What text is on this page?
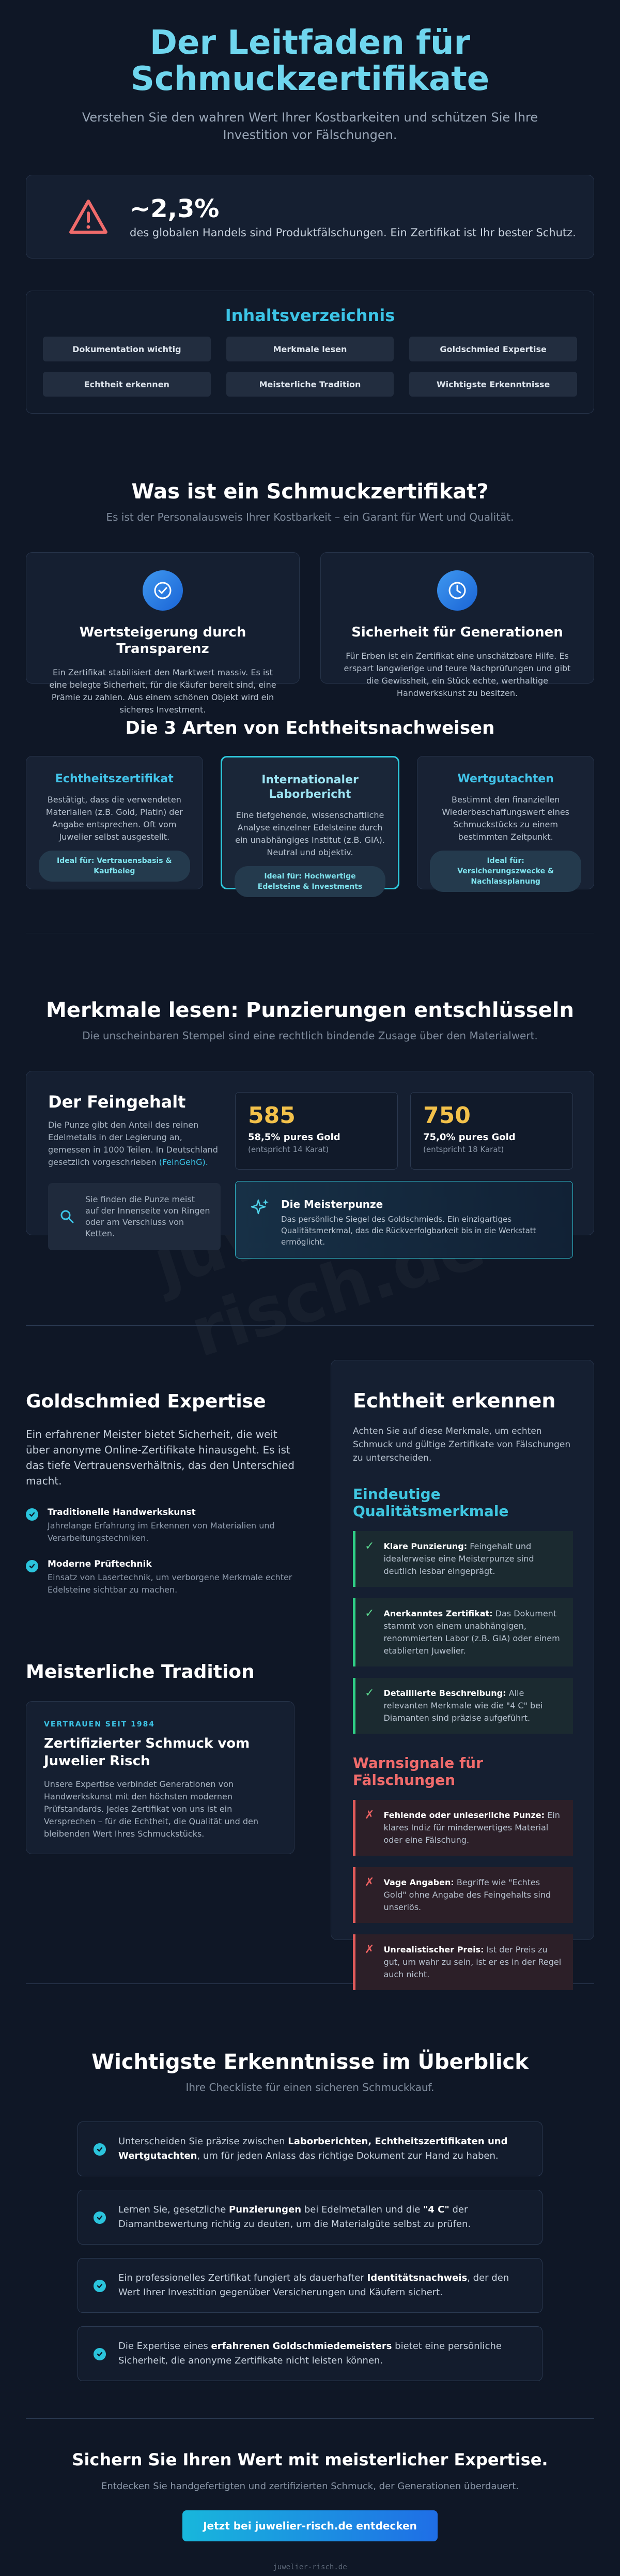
Der Leitfaden für
Schmuckzertifikate

Verstehen Sie den wahren Wert Ihrer Kostbarkeiten und schützen Sie Ihre Investition vor Fälschungen.

~2,3%
des globalen Handels sind Produktfälschungen. Ein Zertifikat ist Ihr bester Schutz.
Inhaltsverzeichnis
Dokumentation wichtig	Merkmale lesen	Goldschmied Expertise
Echtheit erkennen	Meisterliche Tradition	Wichtigste Erkenntnisse
Was ist ein Schmuckzertifikat?

Es ist der Personalausweis Ihrer Kostbarkeit – ein Garant für Wert und Qualität.

Wertsteigerung durch Transparenz

Ein Zertifikat stabilisiert den Marktwert massiv. Es ist eine belegte Sicherheit, für die Käufer bereit sind, eine Prämie zu zahlen. Aus einem schönen Objekt wird ein sicheres Investment.

Sicherheit für Generationen

Für Erben ist ein Zertifikat eine unschätzbare Hilfe. Es erspart langwierige und teure Nachprüfungen und gibt die Gewissheit, ein Stück echte, werthaltige Handwerkskunst zu besitzen.

Die 3 Arten von Echtheitsnachweisen
Echtheitszertifikat

Bestätigt, dass die verwendeten Materialien (z.B. Gold, Platin) der Angabe entsprechen. Oft vom Juwelier selbst ausgestellt.

Ideal für: Vertrauensbasis & Kaufbeleg
Internationaler Laborbericht

Eine tiefgehende, wissenschaftliche Analyse einzelner Edelsteine durch ein unabhängiges Institut (z.B. GIA). Neutral und objektiv.

Ideal für: Hochwertige Edelsteine & Investments
Wertgutachten

Bestimmt den finanziellen Wiederbeschaffungswert eines Schmuckstücks zu einem bestimmten Zeitpunkt.

Ideal für: Versicherungszwecke & Nachlassplanung
Merkmale lesen: Punzierungen entschlüsseln

Die unscheinbaren Stempel sind eine rechtlich bindende Zusage über den Materialwert.

Der Feingehalt

Die Punze gibt den Anteil des reinen Edelmetalls in der Legierung an, gemessen in 1000 Teilen. In Deutschland gesetzlich vorgeschrieben (FeinGehG).

Sie finden die Punze meist auf der Innenseite von Ringen oder am Verschluss von Ketten.
585
58,5% pures Gold
(entspricht 14 Karat)
750
75,0% pures Gold
(entspricht 18 Karat)
Die Meisterpunze

Das persönliche Siegel des Goldschmieds. Ein einzigartiges Qualitätsmerkmal, das die Rückverfolgbarkeit bis in die Werkstatt ermöglicht.

Goldschmied Expertise

Ein erfahrener Meister bietet Sicherheit, die weit über anonyme Online-Zertifikate hinausgeht. Es ist das tiefe Vertrauensverhältnis, das den Unterschied macht.

Traditionelle Handwerkskunst
Jahrelange Erfahrung im Erkennen von Materialien und Verarbeitungstechniken.
Moderne Prüftechnik
Einsatz von Lasertechnik, um verborgene Merkmale echter Edelsteine sichtbar zu machen.
Meisterliche Tradition
VERTRAUEN SEIT 1984
Zertifizierter Schmuck vom Juwelier Risch

Unsere Expertise verbindet Generationen von Handwerkskunst mit den höchsten modernen Prüfstandards. Jedes Zertifikat von uns ist ein Versprechen – für die Echtheit, die Qualität und den bleibenden Wert Ihres Schmuckstücks.

Echtheit erkennen

Achten Sie auf diese Merkmale, um echten Schmuck und gültige Zertifikate von Fälschungen zu unterscheiden.

Eindeutige Qualitätsmerkmale
✓ Klare Punzierung: Feingehalt und idealerweise eine Meisterpunze sind deutlich lesbar eingeprägt.

✓ Anerkanntes Zertifikat: Das Dokument stammt von einem unabhängigen, renommierten Labor (z.B. GIA) oder einem etablierten Juwelier.

✓ Detaillierte Beschreibung: Alle relevanten Merkmale wie die "4 C" bei Diamanten sind präzise aufgeführt.

Warnsignale für Fälschungen
✗ Fehlende oder unleserliche Punze: Ein klares Indiz für minderwertiges Material oder eine Fälschung.

✗ Vage Angaben: Begriffe wie "Echtes Gold" ohne Angabe des Feingehalts sind unseriös.

✗ Unrealistischer Preis: Ist der Preis zu gut, um wahr zu sein, ist er es in der Regel auch nicht.

Wichtigste Erkenntnisse im Überblick

Ihre Checkliste für einen sicheren Schmuckkauf.

Unterscheiden Sie präzise zwischen Laborberichten, Echtheitszertifikaten und Wertgutachten, um für jeden Anlass das richtige Dokument zur Hand zu haben.

Lernen Sie, gesetzliche Punzierungen bei Edelmetallen und die "4 C" der Diamantbewertung richtig zu deuten, um die Materialgüte selbst zu prüfen.

Ein professionelles Zertifikat fungiert als dauerhafter Identitätsnachweis, der den Wert Ihrer Investition gegenüber Versicherungen und Käufern sichert.

Die Expertise eines erfahrenen Goldschmiedemeisters bietet eine persönliche Sicherheit, die anonyme Zertifikate nicht leisten können.

Sichern Sie Ihren Wert mit meisterlicher Expertise.

Entdecken Sie handgefertigten und zertifizierten Schmuck, der Generationen überdauert.

Jetzt bei juwelier-risch.de entdecken
juwelier-risch.de
